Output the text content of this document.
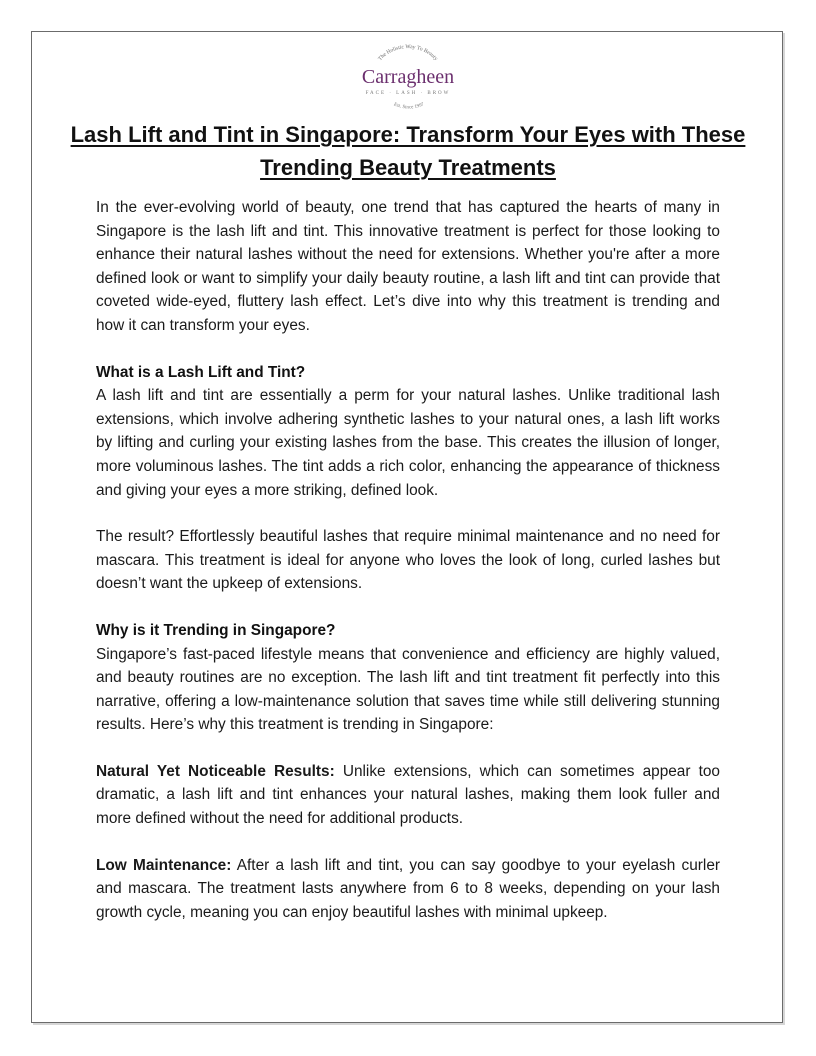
The Holistic Way To Beauty
Carragheen
FACE · LASH · BROW
Est. Since 1997
Lash Lift and Tint in Singapore: Transform Your Eyes with These Trending Beauty Treatments

In the ever-evolving world of beauty, one trend that has captured the hearts of many in Singapore is the lash lift and tint. This innovative treatment is perfect for those looking to enhance their natural lashes without the need for extensions. Whether you're after a more defined look or want to simplify your daily beauty routine, a lash lift and tint can provide that coveted wide-eyed, fluttery lash effect. Let’s dive into why this treatment is trending and how it can transform your eyes.

What is a Lash Lift and Tint?

A lash lift and tint are essentially a perm for your natural lashes. Unlike traditional lash extensions, which involve adhering synthetic lashes to your natural ones, a lash lift works by lifting and curling your existing lashes from the base. This creates the illusion of longer, more voluminous lashes. The tint adds a rich color, enhancing the appearance of thickness and giving your eyes a more striking, defined look.

The result? Effortlessly beautiful lashes that require minimal maintenance and no need for mascara. This treatment is ideal for anyone who loves the look of long, curled lashes but doesn’t want the upkeep of extensions.

Why is it Trending in Singapore?

Singapore’s fast-paced lifestyle means that convenience and efficiency are highly valued, and beauty routines are no exception. The lash lift and tint treatment fit perfectly into this narrative, offering a low-maintenance solution that saves time while still delivering stunning results. Here’s why this treatment is trending in Singapore:

Natural Yet Noticeable Results: Unlike extensions, which can sometimes appear too dramatic, a lash lift and tint enhances your natural lashes, making them look fuller and more defined without the need for additional products.

Low Maintenance: After a lash lift and tint, you can say goodbye to your eyelash curler and mascara. The treatment lasts anywhere from 6 to 8 weeks, depending on your lash growth cycle, meaning you can enjoy beautiful lashes with minimal upkeep.
